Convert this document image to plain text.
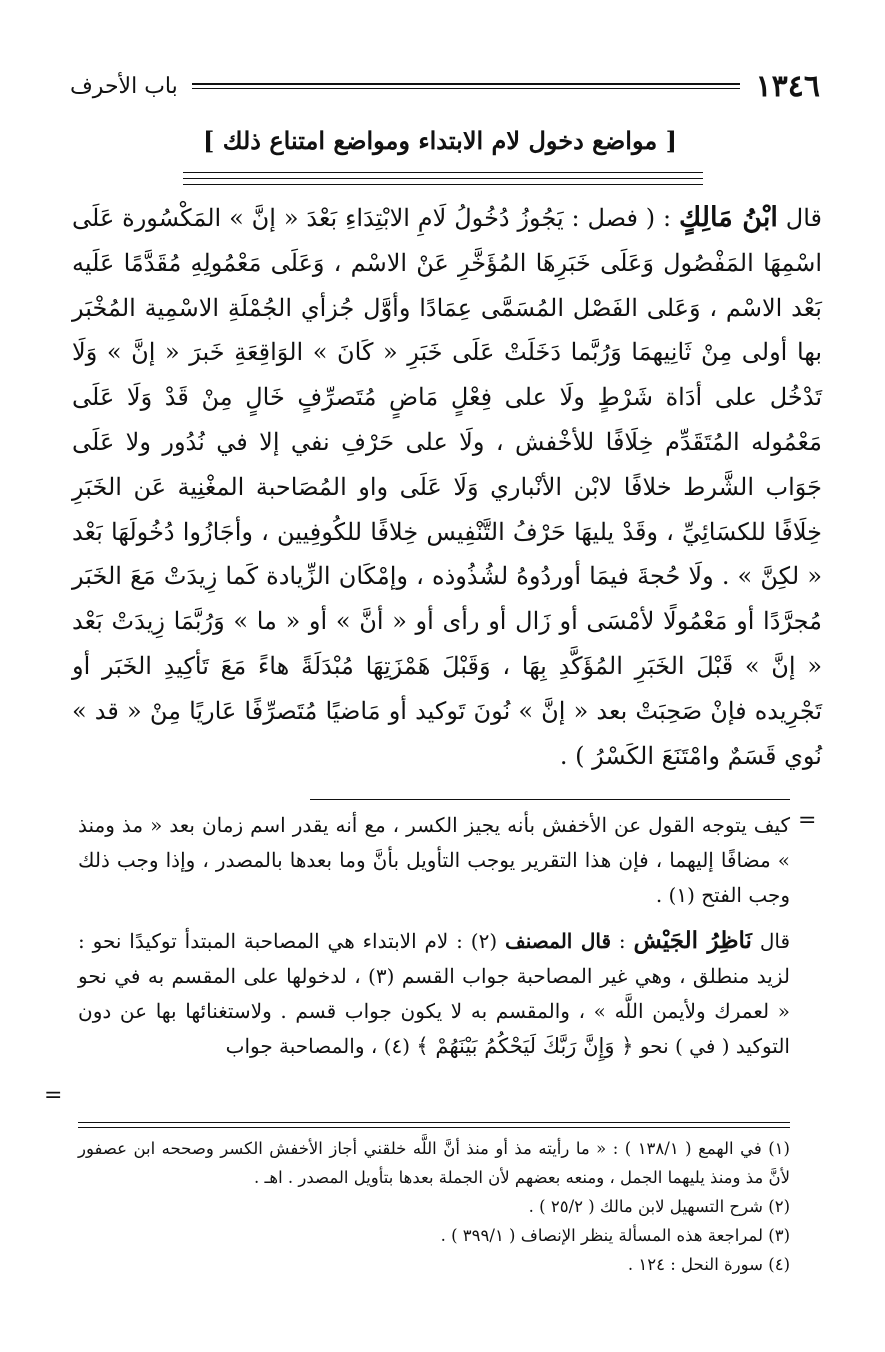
١٣٤٦
باب الأحرف
[ مواضع دخول لام الابتداء ومواضع امتناع ذلك ]

قال ابْنُ مَالِكٍ : ( فصل : يَجُوزُ دُخُولُ لَامِ الابْتِدَاءِ بَعْدَ « إنَّ » المَكْسُورة عَلَى اسْمِهَا المَفْصُول وَعَلَى خَبَرِهَا المُؤَخَّرِ عَنْ الاسْم ، وَعَلَى مَعْمُولِهِ مُقَدَّمًا عَلَيه بَعْد الاسْم ، وَعَلى الفَصْل المُسَمَّى عِمَادًا وأوَّل جُزأي الجُمْلَةِ الاسْمِية المُخْبَر بها أولى مِنْ ثَانِيهمَا وَرُبَّما دَخَلَتْ عَلَى خَبَرِ « كَانَ » الوَاقِعَةِ خَبرَ « إنَّ » وَلَا تَدْخُل على أدَاة شَرْطٍ ولَا على فِعْلٍ مَاضٍ مُتَصرِّفٍ خَالٍ مِنْ قَدْ وَلَا عَلَى مَعْمُوله المُتَقَدِّم خِلَافًا للأخْفش ، ولَا على حَرْفِ نفي إلا في نُدُور ولا عَلَى جَوَاب الشَّرط خلافًا لابْن الأنْباري وَلَا عَلَى واو المُصَاحبة المغْنِية عَن الخَبَرِ خِلَافًا للكسَائِيِّ ، وقَدْ يليهَا حَرْفُ التَّنْفِيس خِلافًا للكُوفِيين ، وأجَازُوا دُخُولَهَا بَعْد « لكِنَّ » . ولَا حُجةَ فيمَا أوردُوهُ لشُذُوذه ، وإمْكَان الزِّيادة كَما زِيدَتْ مَعَ الخَبَر مُجرَّدًا أو مَعْمُولًا لأمْسَى أو زَال أو رأى أو « أنَّ » أو « ما » وَرُبَّمَا زِيدَتْ بَعْد « إنَّ » قَبْلَ الخَبَرِ المُؤَكَّدِ بِهَا ، وَقَبْلَ هَمْزَتِهَا مُبْدَلَةً هاءً مَعَ تَأكِيدِ الخَبَر أو تَجْرِيده فإنْ صَحِبَتْ بعد « إنَّ » نُونَ تَوكيد أو مَاضيًا مُتَصرِّفًا عَاريًا مِنْ « قد » نُوي قَسَمٌ وامْتَنَعَ الكَسْرُ ) .

=

كيف يتوجه القول عن الأخفش بأنه يجيز الكسر ، مع أنه يقدر اسم زمان بعد « مذ ومنذ » مضافًا إليهما ، فإن هذا التقرير يوجب التأويل بأنَّ وما بعدها بالمصدر ، وإذا وجب ذلك وجب الفتح (١) .

قال نَاظِرُ الجَيْش : قال المصنف (٢) : لام الابتداء هي المصاحبة المبتدأ توكيدًا نحو : لزيد منطلق ، وهي غير المصاحبة جواب القسم (٣) ، لدخولها على المقسم به في نحو « لعمرك ولأيمن اللَّه » ، والمقسم به لا يكون جواب قسم . ولاستغنائها بها عن دون التوكيد ( في ) نحو ﴿ وَإِنَّ رَبَّكَ لَيَحْكُمُ بَيْنَهُمْ ﴾ (٤) ، والمصاحبة جواب

=

(١) في الهمع ( ١٣٨/١ ) : « ما رأيته مذ أو منذ أنَّ اللَّه خلقني أجاز الأخفش الكسر وصححه ابن عصفور لأنَّ مذ ومنذ يليهما الجمل ، ومنعه بعضهم لأن الجملة بعدها بتأويل المصدر . اهـ .

(٢) شرح التسهيل لابن مالك ( ٢٥/٢ ) .

(٣) لمراجعة هذه المسألة ينظر الإنصاف ( ٣٩٩/١ ) .

(٤) سورة النحل : ١٢٤ .
